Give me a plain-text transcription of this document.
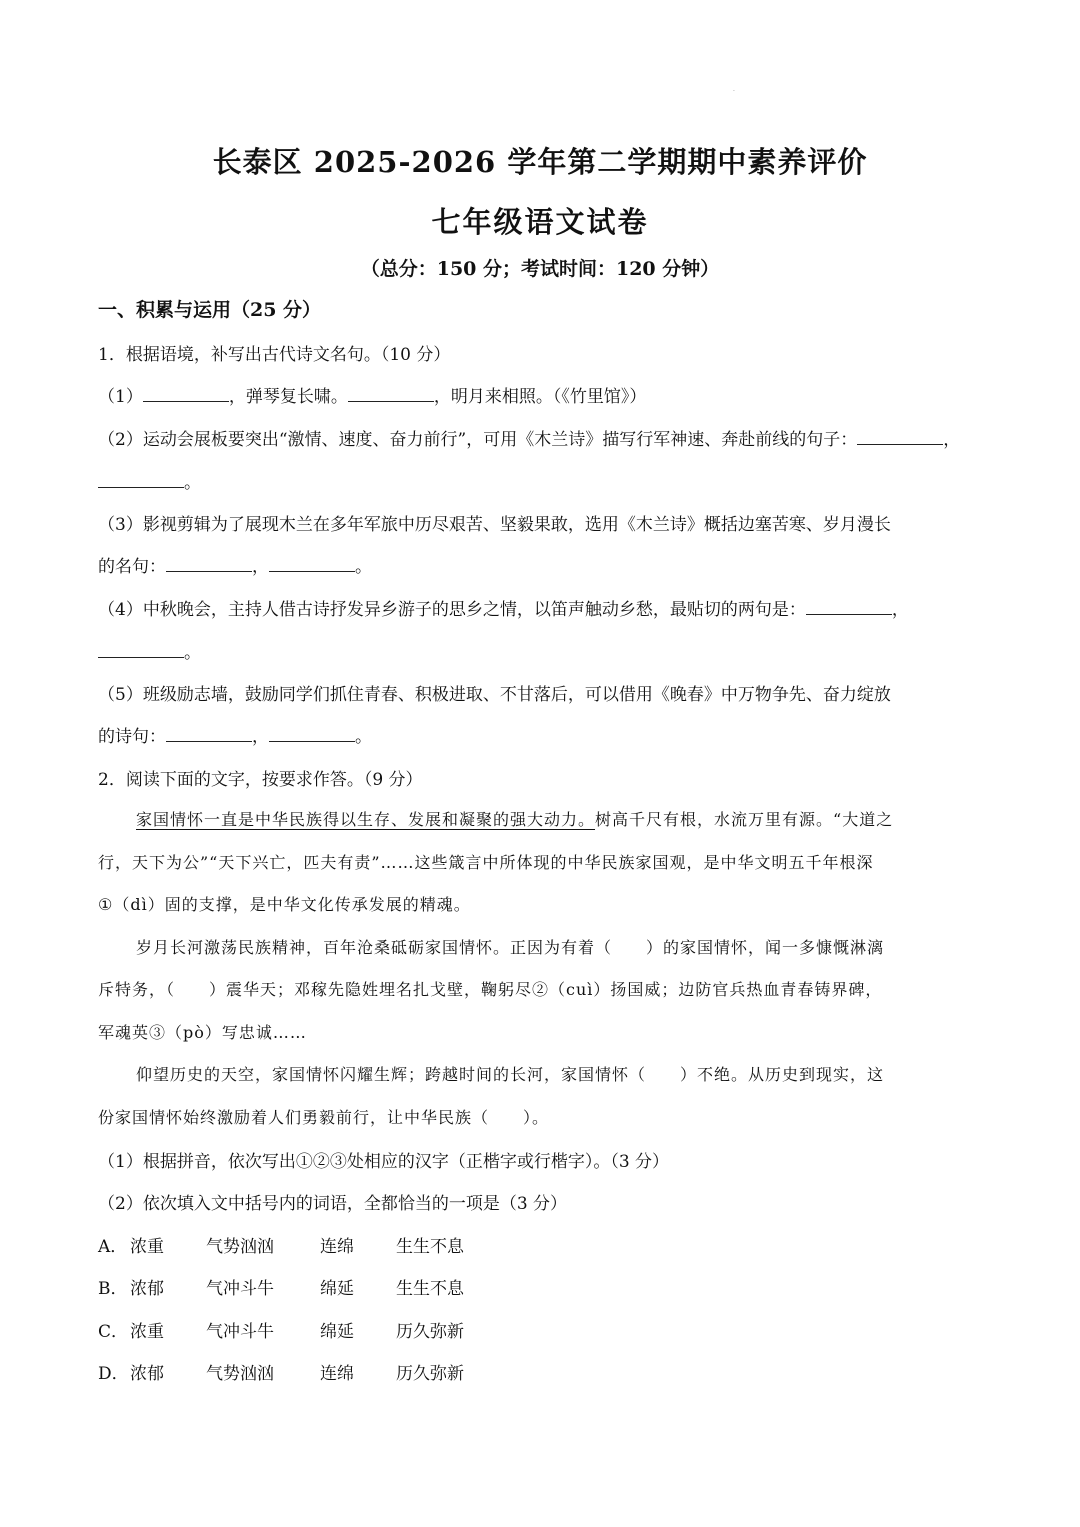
·
长泰区 2025-2026 学年第二学期期中素养评价
七年级语文试卷
（总分：150 分；考试时间：120 分钟）
一、积累与运用（25 分）
1．根据语境，补写出古代诗文名句。（10 分）
（1）	，弹琴复长啸。	，明月来相照。（《竹里馆》）
（2）运动会展板要突出“激情、速度、奋力前行”，可用《木兰诗》描写行军神速、奔赴前线的句子：	，
。
（3）影视剪辑为了展现木兰在多年军旅中历尽艰苦、坚毅果敢，选用《木兰诗》概括边塞苦寒、岁月漫长
的名句：	，	。
（4）中秋晚会，主持人借古诗抒发异乡游子的思乡之情，以笛声触动乡愁，最贴切的两句是：	，
。
（5）班级励志墙，鼓励同学们抓住青春、积极进取、不甘落后，可以借用《晚春》中万物争先、奋力绽放
的诗句：	，	。
2．阅读下面的文字，按要求作答。（9 分）
家国情怀一直是中华民族得以生存、发展和凝聚的强大动力。树高千尺有根，水流万里有源。“大道之
行，天下为公”“天下兴亡，匹夫有责”……这些箴言中所体现的中华民族家国观，是中华文明五千年根深
①（dì）固的支撑，是中华文化传承发展的精魂。
岁月长河激荡民族精神，百年沧桑砥砺家国情怀。正因为有着（　　）的家国情怀，闻一多慷慨淋漓
斥特务，（　　）震华天；邓稼先隐姓埋名扎戈壁，鞠躬尽②（cuì）扬国威；边防官兵热血青春铸界碑，
军魂英③（pò）写忠诚……
仰望历史的天空，家国情怀闪耀生辉；跨越时间的长河，家国情怀（　　）不绝。从历史到现实，这
份家国情怀始终激励着人们勇毅前行，让中华民族（　　）。
（1）根据拼音，依次写出①②③处相应的汉字（正楷字或行楷字）。（3 分）
（2）依次填入文中括号内的词语，全都恰当的一项是（3 分）
A． 浓重 气势汹汹	连绵 生生不息
B． 浓郁 气冲斗牛	绵延 生生不息
C． 浓重 气冲斗牛	绵延 历久弥新
D．浓郁 气势汹汹	连绵 历久弥新
